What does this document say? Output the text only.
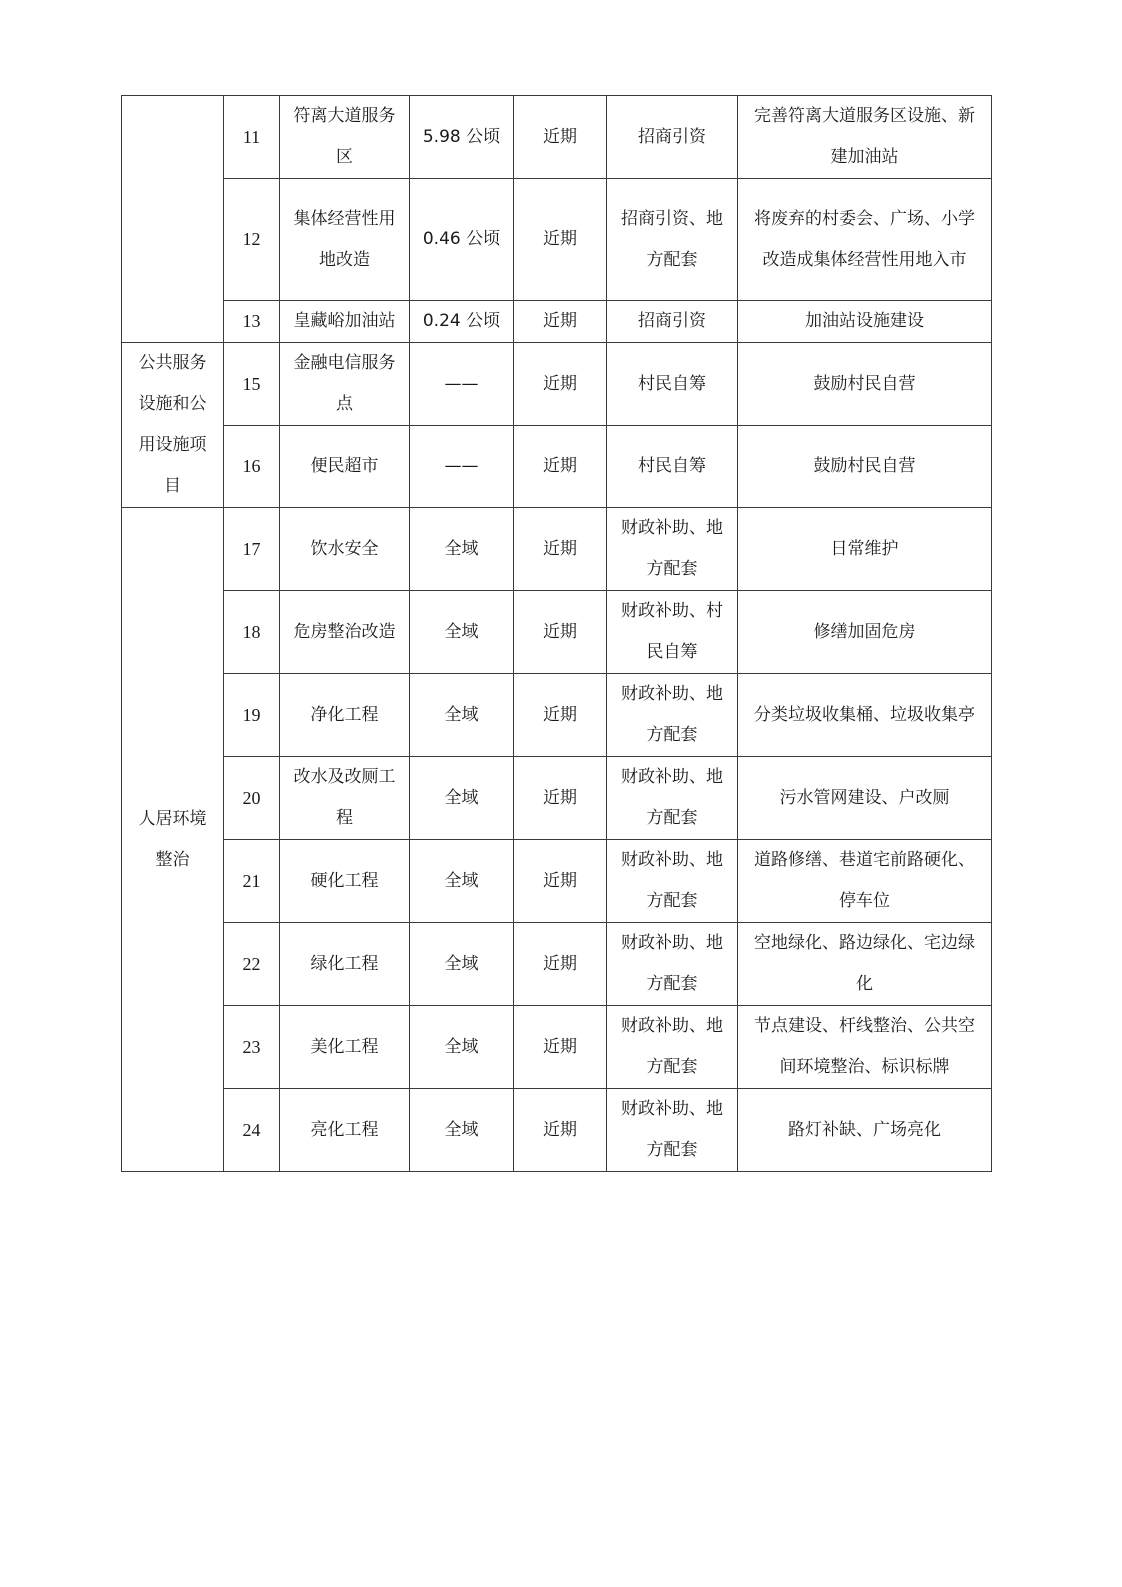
	11	符离大道服务区	5.98 公顷	近期	招商引资	完善符离大道服务区设施、新建加油站
	12	集体经营性用地改造	0.46 公顷	近期	招商引资、地方配套	将废弃的村委会、广场、小学改造成集体经营性用地入市
	13	皇藏峪加油站	0.24 公顷	近期	招商引资	加油站设施建设
公共服务设施和公用设施项目	15	金融电信服务点	——	近期	村民自筹	鼓励村民自营
	16	便民超市	——	近期	村民自筹	鼓励村民自营
人居环境整治	17	饮水安全	全域	近期	财政补助、地方配套	日常维护
	18	危房整治改造	全域	近期	财政补助、村民自筹	修缮加固危房
	19	净化工程	全域	近期	财政补助、地方配套	分类垃圾收集桶、垃圾收集亭
	20	改水及改厕工程	全域	近期	财政补助、地方配套	污水管网建设、户改厕
	21	硬化工程	全域	近期	财政补助、地方配套	道路修缮、巷道宅前路硬化、停车位
	22	绿化工程	全域	近期	财政补助、地方配套	空地绿化、路边绿化、宅边绿化
	23	美化工程	全域	近期	财政补助、地方配套	节点建设、杆线整治、公共空间环境整治、标识标牌
	24	亮化工程	全域	近期	财政补助、地方配套	路灯补缺、广场亮化
